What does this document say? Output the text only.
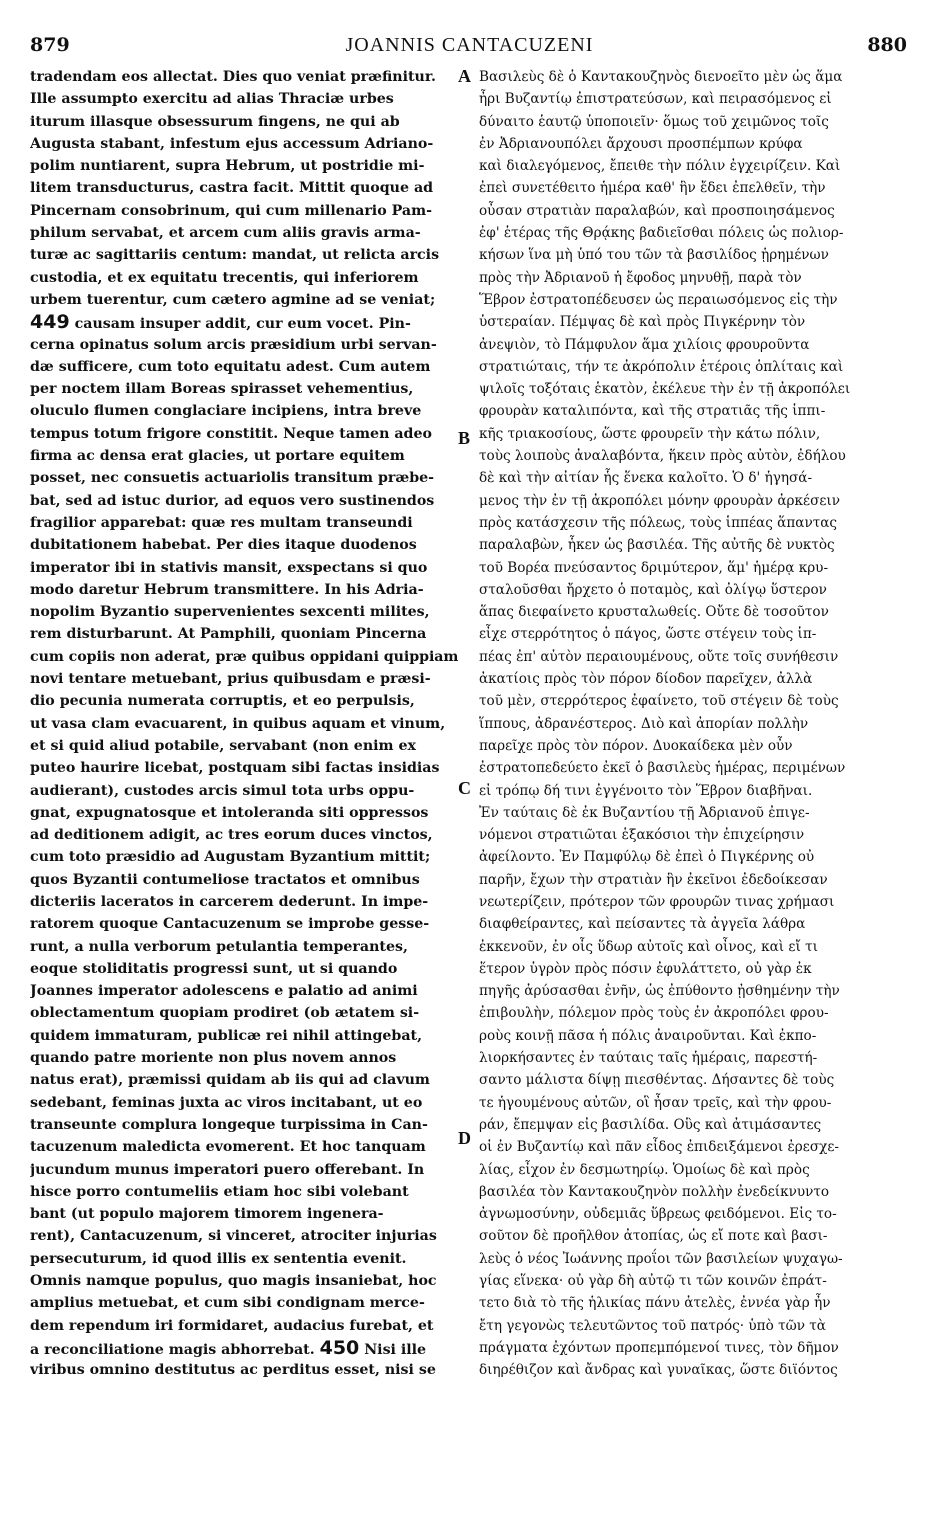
879	JOANNIS CANTACUZENI	880
tradendam eos allectat. Dies quo veniat præfinitur.
Ille assumpto exercitu ad alias Thraciæ urbes
iturum illasque obsessurum fingens, ne qui ab
Augusta stabant, infestum ejus accessum Adriano-
polim nuntiarent, supra Hebrum, ut postridie mi-
litem transducturus, castra facit. Mittit quoque ad
Pincernam consobrinum, qui cum millenario Pam-
philum servabat, et arcem cum aliis gravis arma-
turæ ac sagittariis centum: mandat, ut relicta arcis
custodia, et ex equitatu trecentis, qui inferiorem
urbem tuerentur, cum cætero agmine ad se veniat;
449 causam insuper addit, cur eum vocet. Pin-
cerna opinatus solum arcis præsidium urbi servan-
dæ sufficere, cum toto equitatu adest. Cum autem
per noctem illam Boreas spirasset vehementius,
oluculo flumen conglaciare incipiens, intra breve
tempus totum frigore constitit. Neque tamen adeo
firma ac densa erat glacies, ut portare equitem
posset, nec consuetis actuariolis transitum præbe-
bat, sed ad istuc durior, ad equos vero sustinendos
fragilior apparebat: quæ res multam transeundi
dubitationem habebat. Per dies itaque duodenos
imperator ibi in stativis mansit, exspectans si quo
modo daretur Hebrum transmittere. In his Adria-
nopolim Byzantio supervenientes sexcenti milites,
rem disturbarunt. At Pamphili, quoniam Pincerna
cum copiis non aderat, præ quibus oppidani quippiam
novi tentare metuebant, prius quibusdam e præsi-
dio pecunia numerata corruptis, et eo perpulsis,
ut vasa clam evacuarent, in quibus aquam et vinum,
et si quid aliud potabile, servabant (non enim ex
puteo haurire licebat, postquam sibi factas insidias
audierant), custodes arcis simul tota urbs oppu-
gnat, expugnatosque et intoleranda siti oppressos
ad deditionem adigit, ac tres eorum duces vinctos,
cum toto præsidio ad Augustam Byzantium mittit;
quos Byzantii contumeliose tractatos et omnibus
dicteriis laceratos in carcerem dederunt. In impe-
ratorem quoque Cantacuzenum se improbe gesse-
runt, a nulla verborum petulantia temperantes,
eoque stoliditatis progressi sunt, ut si quando
Joannes imperator adolescens e palatio ad animi
oblectamentum quopiam prodiret (ob ætatem si-
quidem immaturam, publicæ rei nihil attingebat,
quando patre moriente non plus novem annos
natus erat), præmissi quidam ab iis qui ad clavum
sedebant, feminas juxta ac viros incitabant, ut eo
transeunte complura longeque turpissima in Can-
tacuzenum maledicta evomerent. Et hoc tanquam
jucundum munus imperatori puero offerebant. In
hisce porro contumeliis etiam hoc sibi volebant
bant (ut populo majorem timorem ingenera-
rent), Cantacuzenum, si vinceret, atrociter injurias
persecuturum, id quod illis ex sententia evenit.
Omnis namque populus, quo magis insaniebat, hoc
amplius metuebat, et cum sibi condignam merce-
dem rependum iri formidaret, audacius furebat, et
a reconciliatione magis abhorrebat. 450 Nisi ille
viribus omnino destitutus ac perditus esset, nisi se
Βασιλεὺς δὲ ὁ Καντακουζηνὸς διενοεῖτο μὲν ὡς ἅμα
ἦρι Βυζαντίῳ ἐπιστρατεύσων, καὶ πειρασόμενος εἰ
δύναιτο ἑαυτῷ ὑποποιεῖν· ὅμως τοῦ χειμῶνος τοῖς
ἐν Ἀδριανουπόλει ἄρχουσι προσπέμπων κρύφα
καὶ διαλεγόμενος, ἔπειθε τὴν πόλιν ἐγχειρίζειν. Καὶ
ἐπεὶ συνετέθειτο ἡμέρα καθ' ἣν ἔδει ἐπελθεῖν, τὴν
οὖσαν στρατιὰν παραλαβών, καὶ προσποιησάμενος
ἐφ' ἑτέρας τῆς Θρᾴκης βαδιεῖσθαι πόλεις ὡς πολιορ-
κήσων ἵνα μὴ ὑπό του τῶν τὰ βασιλίδος ᾑρημένων
πρὸς τὴν Ἀδριανοῦ ἡ ἔφοδος μηνυθῇ, παρὰ τὸν
Ἕβρον ἐστρατοπέδευσεν ὡς περαιωσόμενος εἰς τὴν
ὑστεραίαν. Πέμψας δὲ καὶ πρὸς Πιγκέρνην τὸν
ἀνεψιὸν, τὸ Πάμφυλον ἅμα χιλίοις φρουροῦντα
στρατιώταις, τήν τε ἀκρόπολιν ἑτέροις ὁπλίταις καὶ
ψιλοῖς τοξόταις ἑκατὸν, ἐκέλευε τὴν ἐν τῇ ἀκροπόλει
φρουρὰν καταλιπόντα, καὶ τῆς στρατιᾶς τῆς ἱππι-
κῆς τριακοσίους, ὥστε φρουρεῖν τὴν κάτω πόλιν,
τοὺς λοιποὺς ἀναλαβόντα, ἥκειν πρὸς αὐτὸν, ἐδήλου
δὲ καὶ τὴν αἰτίαν ἧς ἕνεκα καλοῖτο. Ὁ δ' ἡγησά-
μενος τὴν ἐν τῇ ἀκροπόλει μόνην φρουρὰν ἀρκέσειν
πρὸς κατάσχεσιν τῆς πόλεως, τοὺς ἱππέας ἅπαντας
παραλαβὼν, ἧκεν ὡς βασιλέα. Τῆς αὐτῆς δὲ νυκτὸς
τοῦ Βορέα πνεύσαντος δριμύτερον, ἅμ' ἡμέρᾳ κρυ-
σταλοῦσθαι ἤρχετο ὁ ποταμὸς, καὶ ὀλίγῳ ὕστερον
ἅπας διεφαίνετο κρυσταλωθείς. Οὔτε δὲ τοσοῦτον
εἶχε στερρότητος ὁ πάγος, ὥστε στέγειν τοὺς ἱπ-
πέας ἐπ' αὐτὸν περαιουμένους, οὔτε τοῖς συνήθεσιν
ἀκατίοις πρὸς τὸν πόρον δίοδον παρεῖχεν, ἀλλὰ
τοῦ μὲν, στερρότερος ἐφαίνετο, τοῦ στέγειν δὲ τοὺς
ἵππους, ἀδρανέστερος. Διὸ καὶ ἀπορίαν πολλὴν
παρεῖχε πρὸς τὸν πόρον. Δυοκαίδεκα μὲν οὖν
ἐστρατοπεδεύετο ἐκεῖ ὁ βασιλεὺς ἡμέρας, περιμένων
εἰ τρόπῳ δή τινι ἐγγένοιτο τὸν Ἕβρον διαβῆναι.
Ἐν ταύταις δὲ ἐκ Βυζαντίου τῇ Ἀδριανοῦ ἐπιγε-
νόμενοι στρατιῶται ἑξακόσιοι τὴν ἐπιχείρησιν
ἀφείλοντο. Ἐν Παμφύλῳ δὲ ἐπεὶ ὁ Πιγκέρνης οὐ
παρῆν, ἔχων τὴν στρατιὰν ἣν ἐκεῖνοι ἐδεδοίκεσαν
νεωτερίζειν, πρότερον τῶν φρουρῶν τινας χρήμασι
διαφθείραντες, καὶ πείσαντες τὰ ἀγγεῖα λάθρα
ἐκκενοῦν, ἐν οἷς ὕδωρ αὐτοῖς καὶ οἶνος, καὶ εἴ τι
ἕτερον ὑγρὸν πρὸς πόσιν ἐφυλάττετο, οὐ γὰρ ἐκ
πηγῆς ἀρύσασθαι ἐνῆν, ὡς ἐπύθοντο ᾐσθημένην τὴν
ἐπιβουλὴν, πόλεμον πρὸς τοὺς ἐν ἀκροπόλει φρου-
ροὺς κοινῇ πᾶσα ἡ πόλις ἀναιροῦνται. Καὶ ἐκπο-
λιορκήσαντες ἐν ταύταις ταῖς ἡμέραις, παρεστή-
σαντο μάλιστα δίψῃ πιεσθέντας. Δήσαντες δὲ τοὺς
τε ἡγουμένους αὐτῶν, οἳ ἦσαν τρεῖς, καὶ τὴν φρου-
ράν, ἔπεμψαν εἰς βασιλίδα. Οὓς καὶ ἀτιμάσαντες
οἱ ἐν Βυζαντίῳ καὶ πᾶν εἶδος ἐπιδειξάμενοι ἐρεσχε-
λίας, εἶχον ἐν δεσμωτηρίῳ. Ὁμοίως δὲ καὶ πρὸς
βασιλέα τὸν Καντακουζηνὸν πολλὴν ἐνεδείκνυντο
ἀγνωμοσύνην, οὐδεμιᾶς ὕβρεως φειδόμενοι. Εἰς το-
σοῦτον δὲ προῆλθον ἀτοπίας, ὡς εἴ ποτε καὶ βασι-
λεὺς ὁ νέος Ἰωάννης προΐοι τῶν βασιλείων ψυχαγω-
γίας εἵνεκα· οὐ γὰρ δὴ αὐτῷ τι τῶν κοινῶν ἐπράτ-
τετο διὰ τὸ τῆς ἡλικίας πάνυ ἀτελὲς, ἐννέα γὰρ ἦν
ἔτη γεγονὼς τελευτῶντος τοῦ πατρός· ὑπὸ τῶν τὰ
πράγματα ἐχόντων προπεμπόμενοί τινες, τὸν δῆμον
διηρέθιζον καὶ ἄνδρας καὶ γυναῖκας, ὥστε διϊόντος
A
B
C
D
